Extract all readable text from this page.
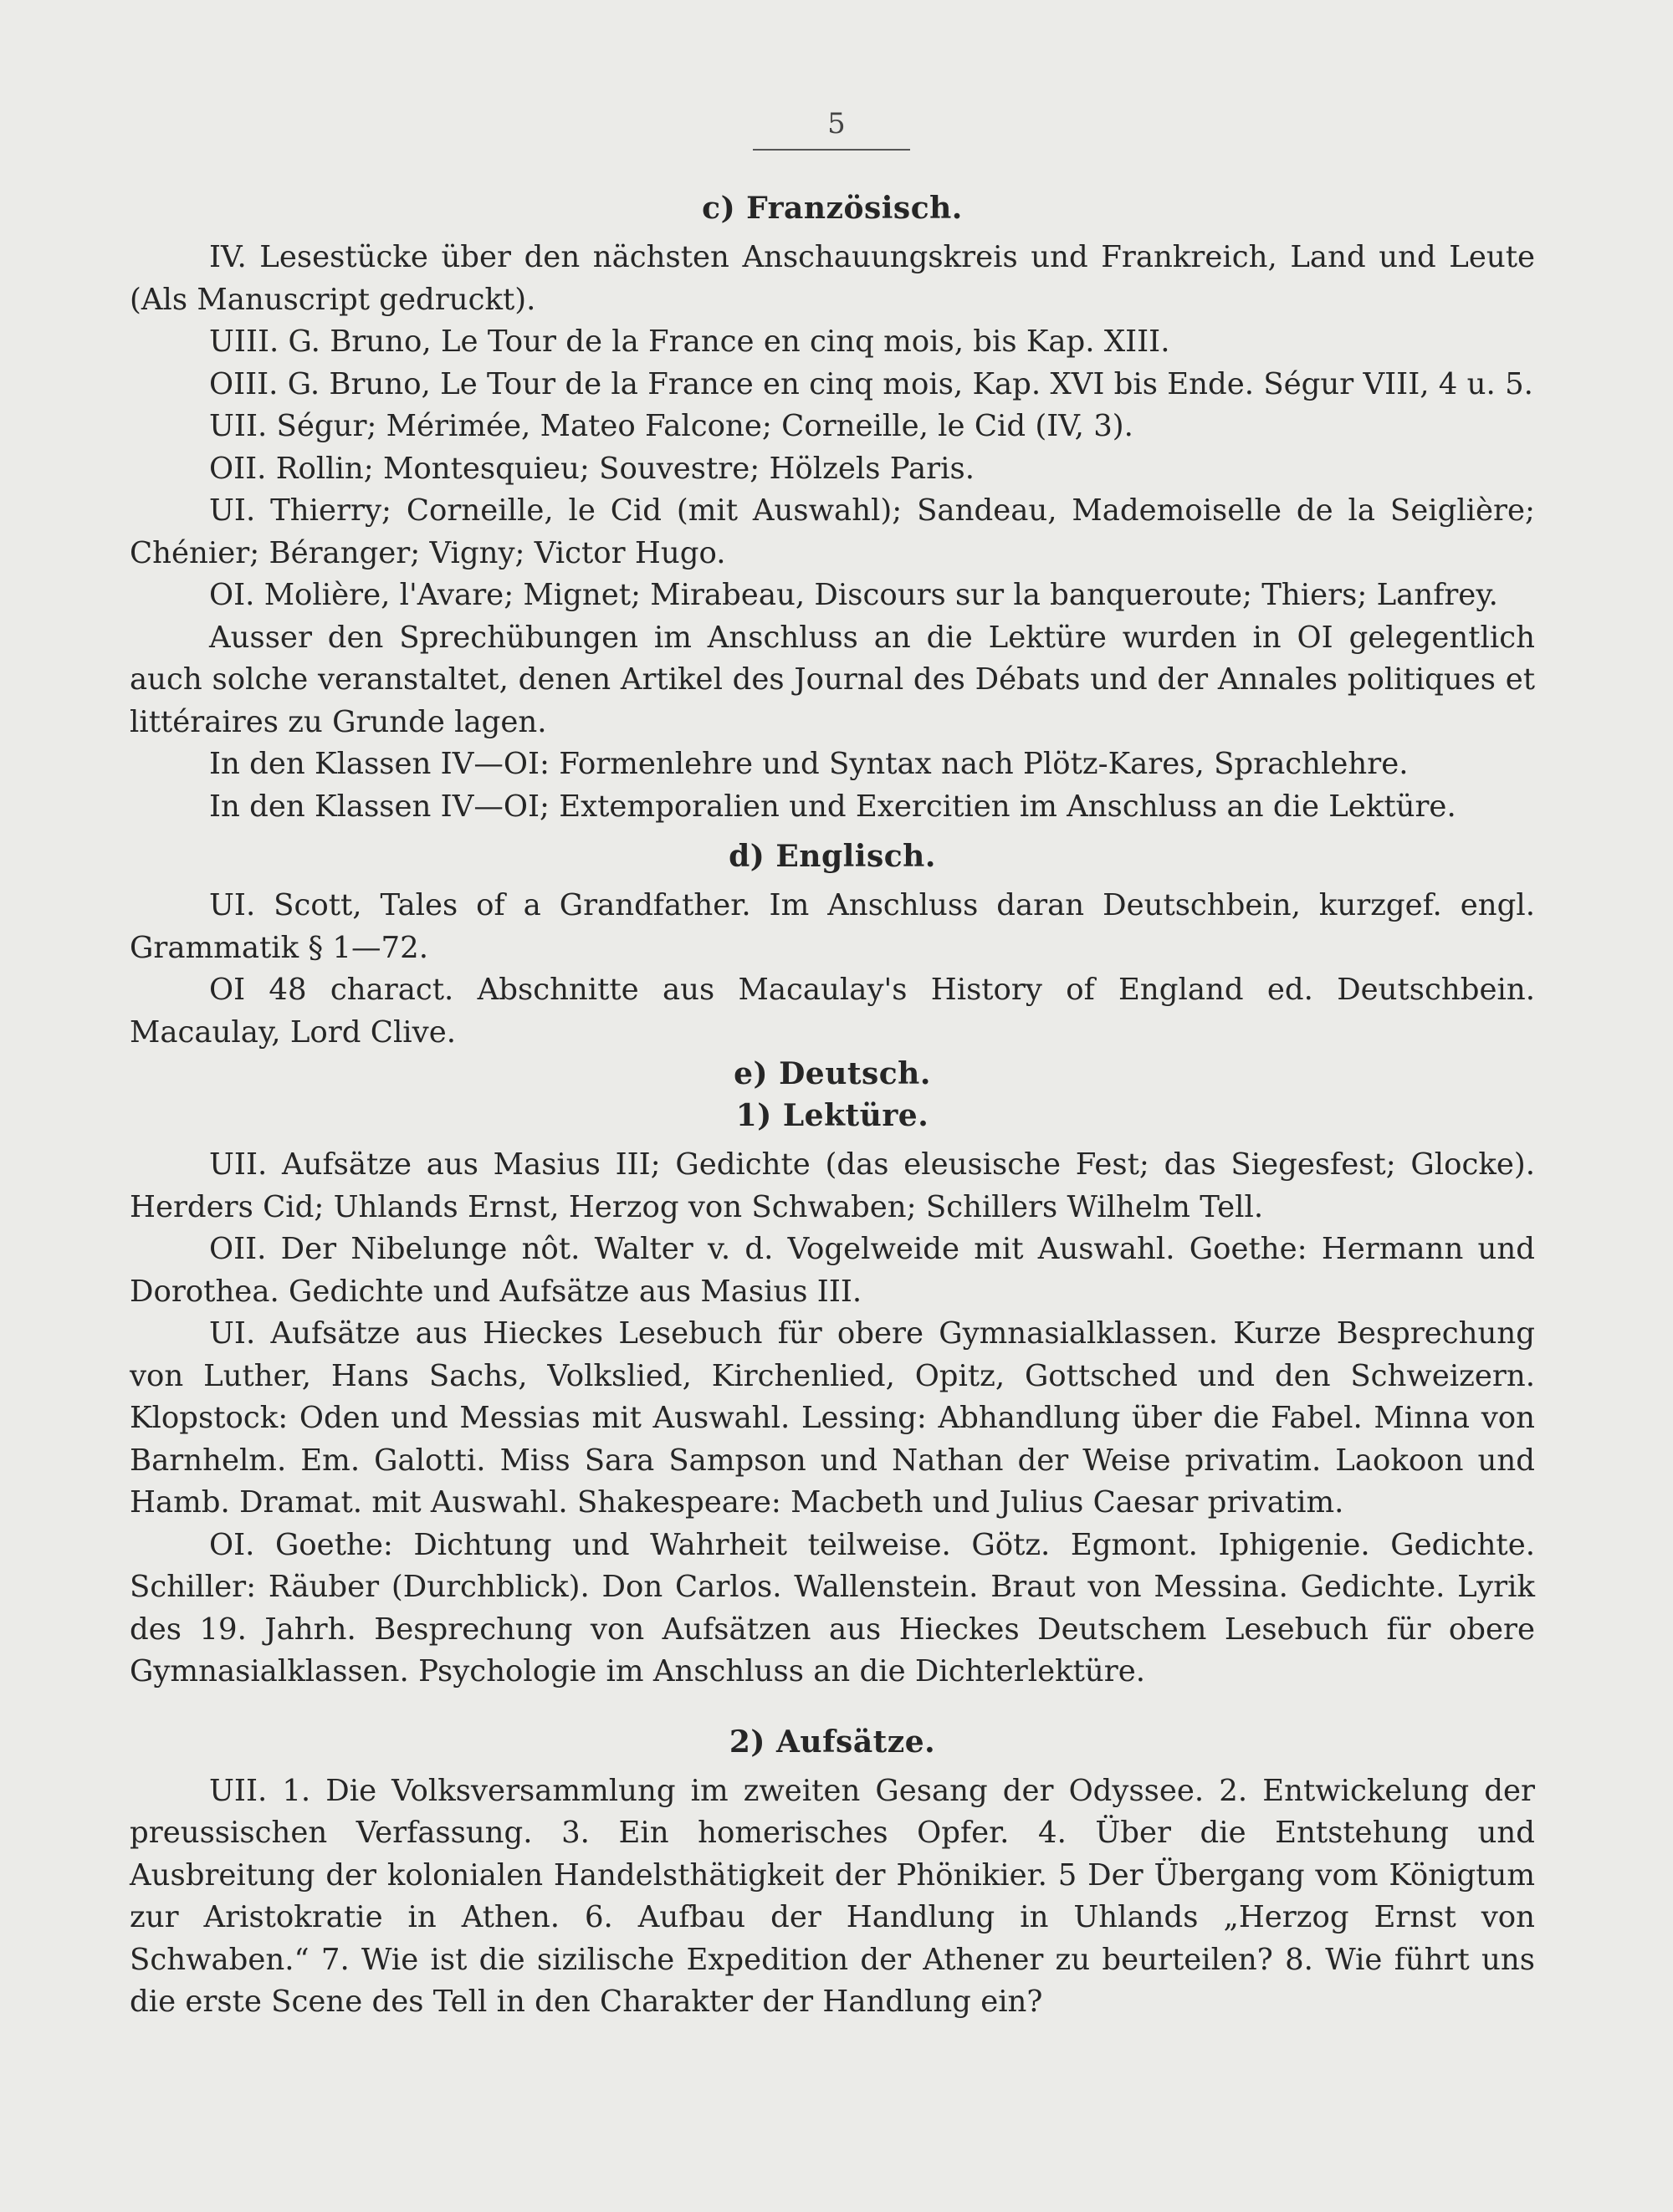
5
c) Französisch.

IV. Lesestücke über den nächsten Anschauungskreis und Frankreich, Land und Leute (Als Manuscript gedruckt).

UIII. G. Bruno, Le Tour de la France en cinq mois, bis Kap. XIII.

OIII. G. Bruno, Le Tour de la France en cinq mois, Kap. XVI bis Ende. Ségur VIII, 4 u. 5.

UII. Ségur; Mérimée, Mateo Falcone; Corneille, le Cid (IV, 3).

OII. Rollin; Montesquieu; Souvestre; Hölzels Paris.

UI. Thierry; Corneille, le Cid (mit Auswahl); Sandeau, Mademoiselle de la Seiglière; Chénier; Béranger; Vigny; Victor Hugo.

OI. Molière, l'Avare; Mignet; Mirabeau, Discours sur la banqueroute; Thiers; Lanfrey.

Ausser den Sprechübungen im Anschluss an die Lektüre wurden in OI gelegentlich auch solche veranstaltet, denen Artikel des Journal des Débats und der Annales politiques et littéraires zu Grunde lagen.

In den Klassen IV—OI: Formenlehre und Syntax nach Plötz-Kares, Sprachlehre.

In den Klassen IV—OI; Extemporalien und Exercitien im Anschluss an die Lektüre.

d) Englisch.

UI. Scott, Tales of a Grandfather. Im Anschluss daran Deutschbein, kurzgef. engl. Grammatik § 1—72.

OI 48 charact. Abschnitte aus Macaulay's History of England ed. Deutschbein. Macaulay, Lord Clive.

e) Deutsch.
1) Lektüre.

UII. Aufsätze aus Masius III; Gedichte (das eleusische Fest; das Siegesfest; Glocke). Herders Cid; Uhlands Ernst, Herzog von Schwaben; Schillers Wilhelm Tell.

OII. Der Nibelunge nôt. Walter v. d. Vogelweide mit Auswahl. Goethe: Hermann und Dorothea. Gedichte und Aufsätze aus Masius III.

UI. Aufsätze aus Hieckes Lesebuch für obere Gymnasialklassen. Kurze Besprechung von Luther, Hans Sachs, Volkslied, Kirchenlied, Opitz, Gottsched und den Schweizern. Klopstock: Oden und Messias mit Auswahl. Lessing: Abhandlung über die Fabel. Minna von Barnhelm. Em. Galotti. Miss Sara Sampson und Nathan der Weise privatim. Laokoon und Hamb. Dramat. mit Auswahl. Shakespeare: Macbeth und Julius Caesar privatim.

OI. Goethe: Dichtung und Wahrheit teilweise. Götz. Egmont. Iphigenie. Gedichte. Schiller: Räuber (Durchblick). Don Carlos. Wallenstein. Braut von Messina. Gedichte. Lyrik des 19. Jahrh. Besprechung von Aufsätzen aus Hieckes Deutschem Lesebuch für obere Gymnasialklassen. Psychologie im Anschluss an die Dichterlektüre.

2) Aufsätze.

UII. 1. Die Volksversammlung im zweiten Gesang der Odyssee. 2. Entwickelung der preussischen Verfassung. 3. Ein homerisches Opfer. 4. Über die Entstehung und Ausbreitung der kolonialen Handelsthätigkeit der Phönikier. 5 Der Übergang vom Königtum zur Aristokratie in Athen. 6. Aufbau der Handlung in Uhlands „Herzog Ernst von Schwaben.“ 7. Wie ist die sizilische Expedition der Athener zu beurteilen? 8. Wie führt uns die erste Scene des Tell in den Charakter der Handlung ein?
